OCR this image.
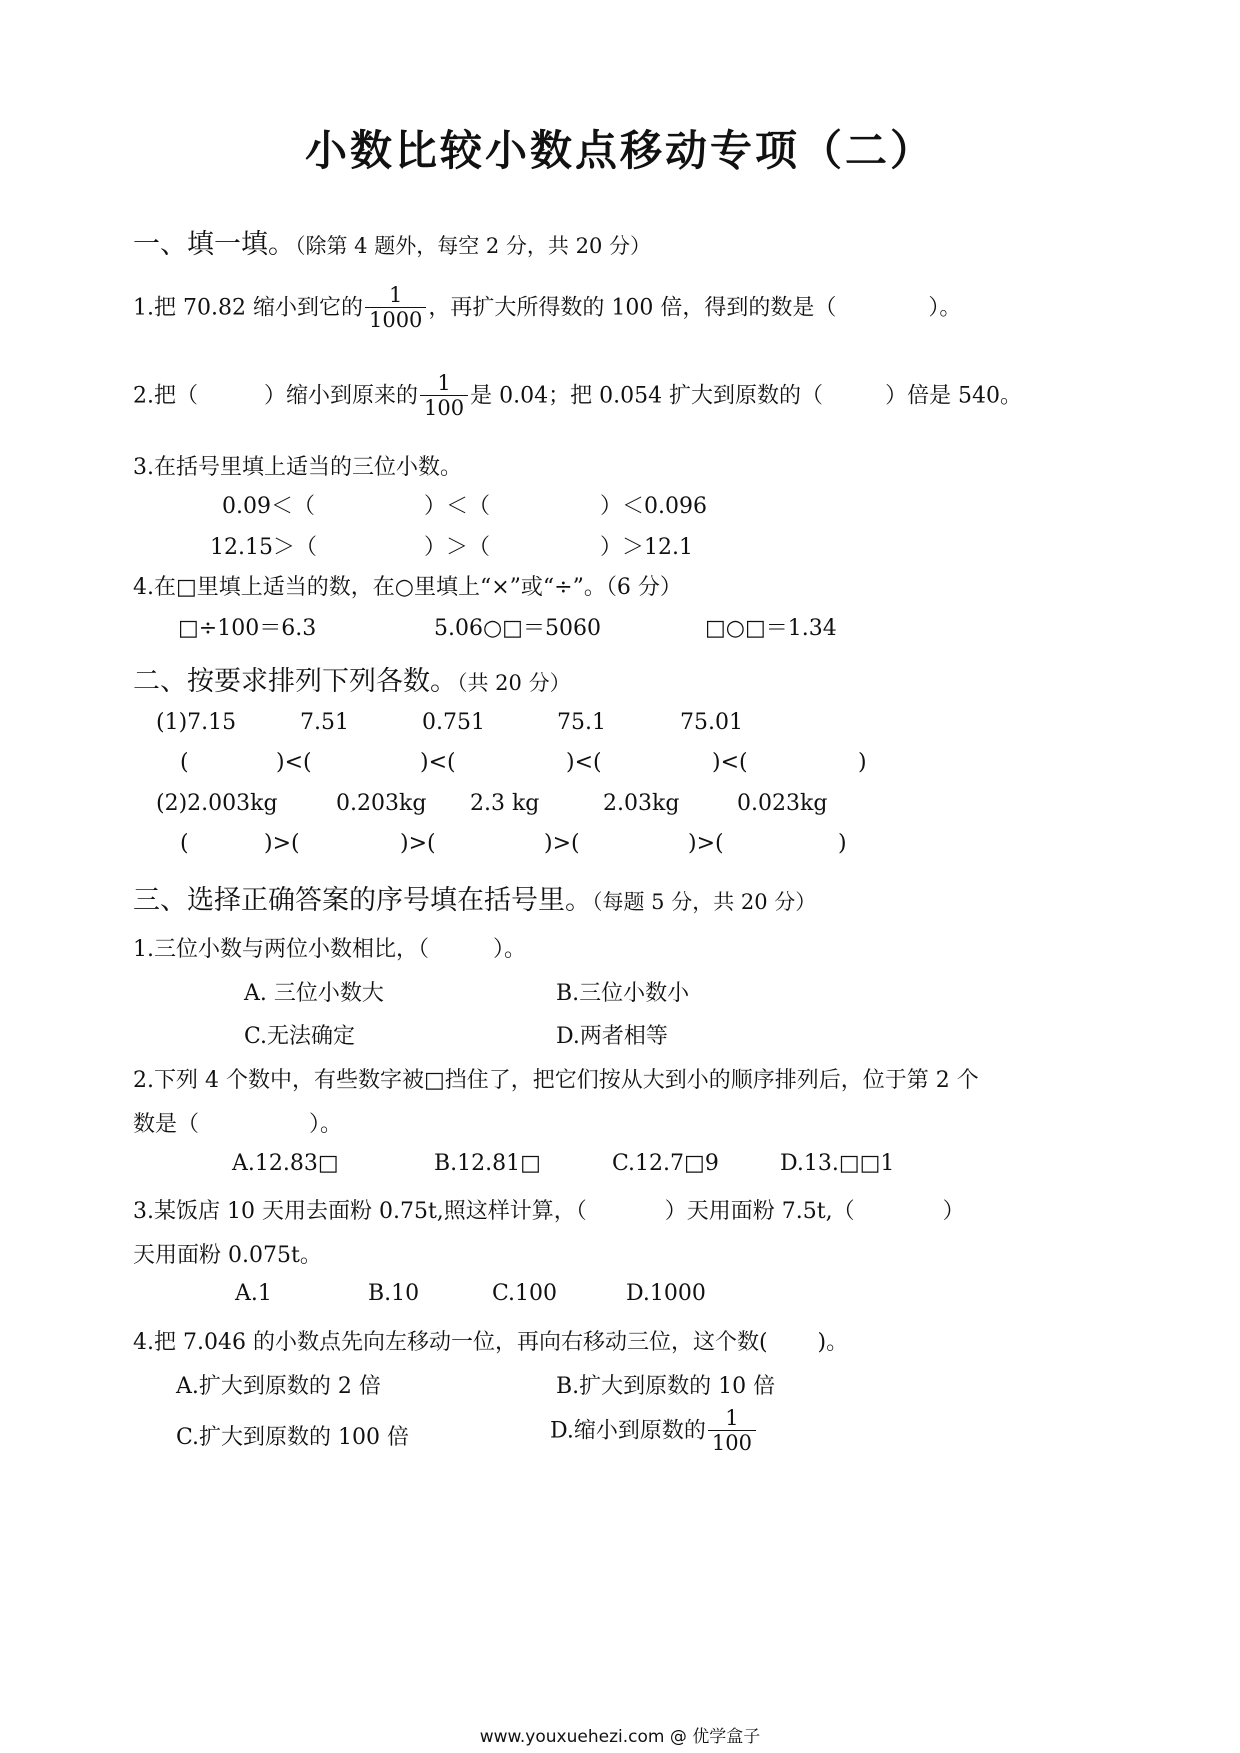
小数比较小数点移动专项（二）
一、填一填。（除第 4 题外，每空 2 分，共 20 分）
1.把 70.82 缩小到它的 $\frac{1}{1000}$ ，再扩大所得数的 100 倍，得到的数是（	）。
2.把（	）缩小到原来的 $\frac{1}{100}$ 是 0.04；把 0.054 扩大到原数的（	）倍是 540。
3.在括号里填上适当的三位小数。
0.09＜（	）＜（	）＜0.096
12.15＞（	）＞（	）＞12.1
4.在□里填上适当的数，在○里填上“×”或“÷”。（6 分）
□÷100＝6.3	5.06○□＝5060	□○□＝1.34
二、按要求排列下列各数。（共 20 分）
(1)7.15	7.51	0.751	75.1	75.01
(	)<(	)<(	)<(	)<(	)
(2)2.003kg	0.203kg 2.3 kg	2.03kg	0.023kg
(	)>(	)>(	)>(	)>(	)
三、选择正确答案的序号填在括号里。（每题 5 分，共 20 分）
1.三位小数与两位小数相比，（	）。
A. 三位小数大	B.三位小数小
C.无法确定	D.两者相等
2.下列 4 个数中，有些数字被□挡住了，把它们按从大到小的顺序排列后，位于第 2 个
数是（	）。
A.12.83□	B.12.81□	C.12.7□9	D.13.□□1
3.某饭店 10 天用去面粉 0.75t,照这样计算，（	）天用面粉 7.5t,（	）
天用面粉 0.075t。
A.1	B.10	C.100	D.1000
4.把 7.046 的小数点先向左移动一位，再向右移动三位，这个数( )。
A.扩大到原数的 2 倍	B.扩大到原数的 10 倍
C.扩大到原数的 100 倍	D.缩小到原数的 $\frac{1}{100}$
www.youxuehezi.com @ 优学盒子
